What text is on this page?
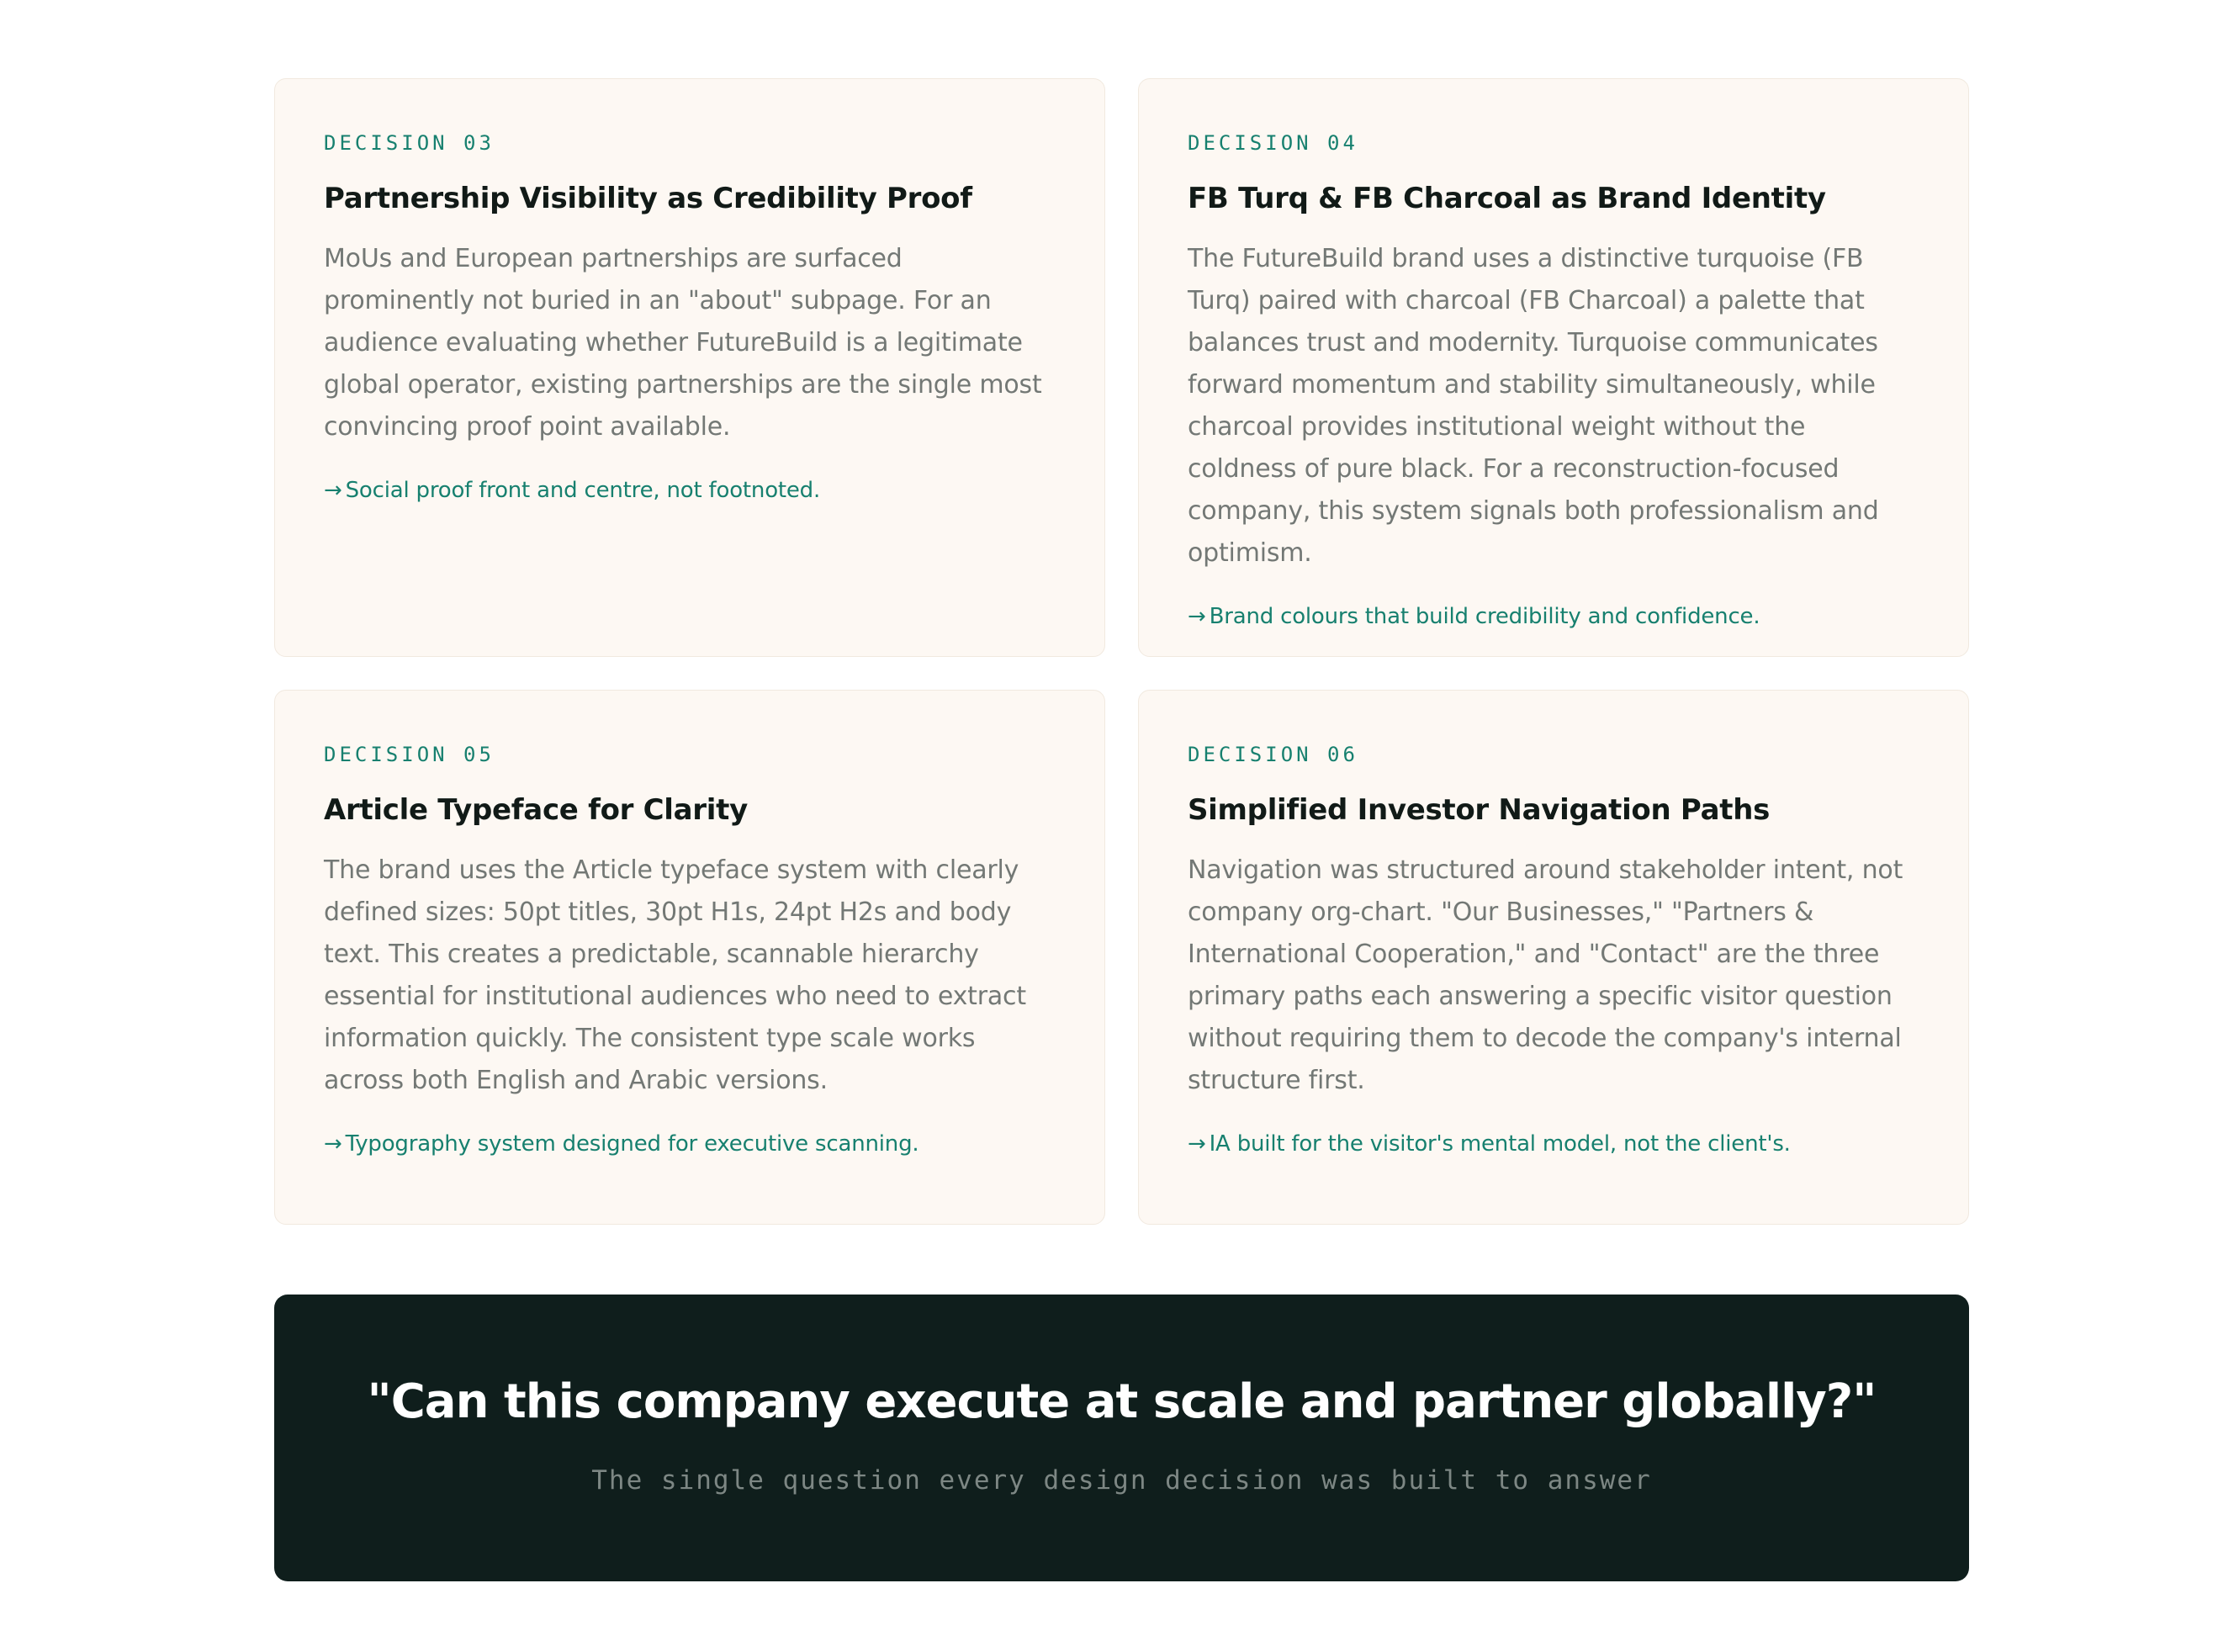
DECISION 03

Partnership Visibility as Credibility Proof

MoUs and European partnerships are surfaced prominently not buried in an "about" subpage. For an audience evaluating whether FutureBuild is a legitimate global operator, existing partnerships are the single most convincing proof point available.

→ Social proof front and centre, not footnoted.

DECISION 04

FB Turq & FB Charcoal as Brand Identity

The FutureBuild brand uses a distinctive turquoise (FB Turq) paired with charcoal (FB Charcoal) a palette that balances trust and modernity. Turquoise communicates forward momentum and stability simultaneously, while charcoal provides institutional weight without the coldness of pure black. For a reconstruction-focused company, this system signals both professionalism and optimism.

→ Brand colours that build credibility and confidence.

DECISION 05

Article Typeface for Clarity

The brand uses the Article typeface system with clearly defined sizes: 50pt titles, 30pt H1s, 24pt H2s and body text. This creates a predictable, scannable hierarchy essential for institutional audiences who need to extract information quickly. The consistent type scale works across both English and Arabic versions.

→ Typography system designed for executive scanning.

DECISION 06

Simplified Investor Navigation Paths

Navigation was structured around stakeholder intent, not company org-chart. "Our Businesses," "Partners & International Cooperation," and "Contact" are the three primary paths each answering a specific visitor question without requiring them to decode the company's internal structure first.

→ IA built for the visitor's mental model, not the client's.

"Can this company execute at scale and partner globally?"

The single question every design decision was built to answer
